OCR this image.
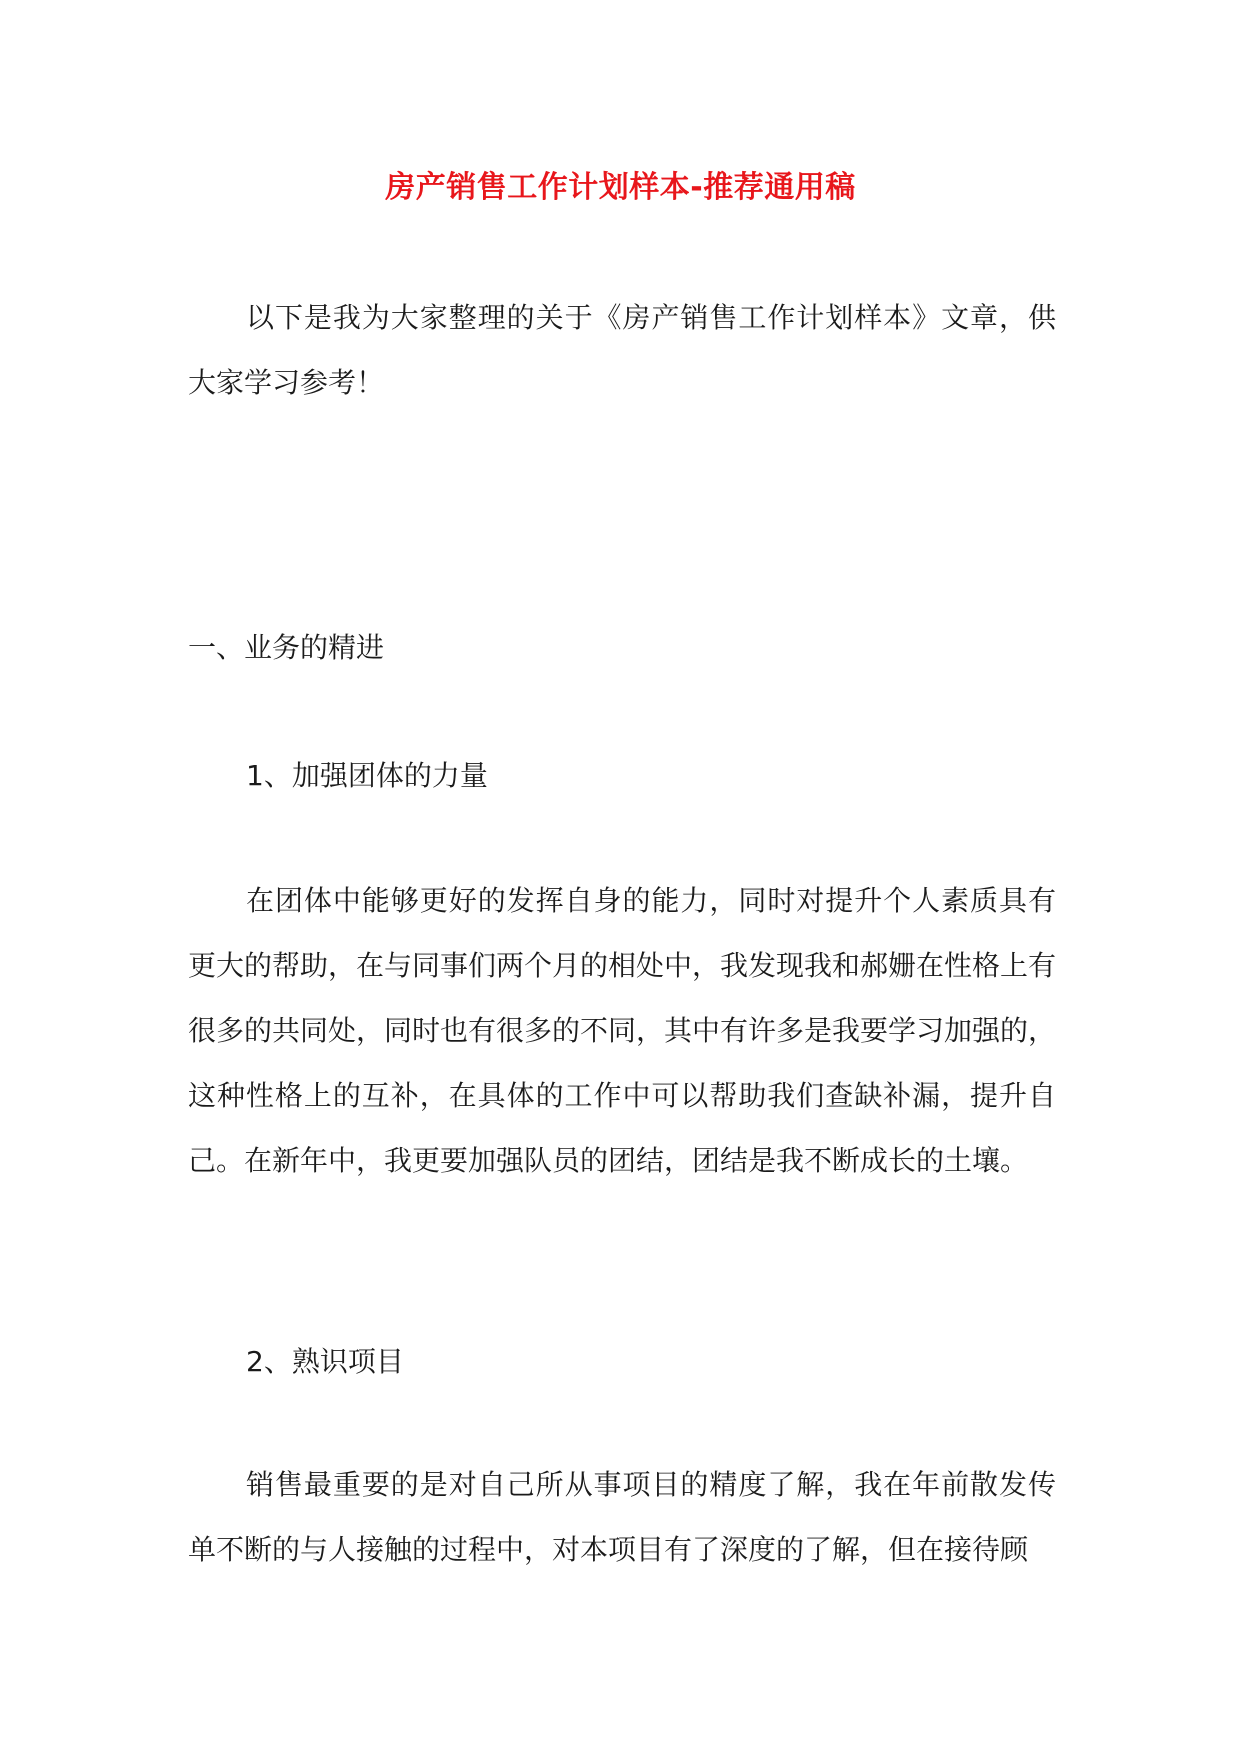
房产销售工作计划样本-推荐通用稿

以下是我为大家整理的关于《房产销售工作计划样本》文章，供大家学习参考！

一、业务的精进

1、加强团体的力量

在团体中能够更好的发挥自身的能力，同时对提升个人素质具有更大的帮助，在与同事们两个月的相处中，我发现我和郝姗在性格上有很多的共同处，同时也有很多的不同，其中有许多是我要学习加强的，这种性格上的互补，在具体的工作中可以帮助我们查缺补漏，提升自己。在新年中，我更要加强队员的团结，团结是我不断成长的土壤。

2、熟识项目

销售最重要的是对自己所从事项目的精度了解，我在年前散发传单不断的与人接触的过程中，对本项目有了深度的了解，但在接待顾
